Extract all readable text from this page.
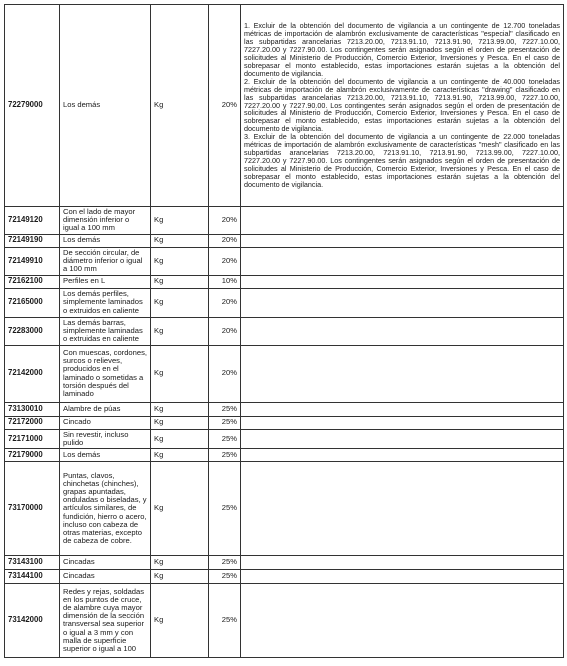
72279000	Los demás	Kg	20%	1. Excluir de la obtención del documento de vigilancia a un contingente de 12.700 toneladas métricas de importación de alambrón exclusivamente de características "especial" clasificado en las subpartidas arancelarias 7213.20.00, 7213.91.10, 7213.91.90, 7213.99.00, 7227.10.00, 7227.20.00 y 7227.90.00. Los contingentes serán asignados según el orden de presentación de solicitudes al Ministerio de Producción, Comercio Exterior, Inversiones y Pesca. En el caso de sobrepasar el monto establecido, estas importaciones estarán sujetas a la obtención del documento de vigilancia.

2. Excluir de la obtención del documento de vigilancia a un contingente de 40.000 toneladas métricas de importación de alambrón exclusivamente de características "drawing" clasificado en las subpartidas arancelarias 7213.20.00, 7213.91.10, 7213.91.90, 7213.99.00, 7227.10.00, 7227.20.00 y 7227.90.00. Los contingentes serán asignados según el orden de presentación de solicitudes al Ministerio de Producción, Comercio Exterior, Inversiones y Pesca. En el caso de sobrepasar el monto establecido, estas importaciones estarán sujetas a la obtención del documento de vigilancia.

3. Excluir de la obtención del documento de vigilancia a un contingente de 22.000 toneladas métricas de importación de alambrón exclusivamente de características "mesh" clasificado en las subpartidas arancelarias 7213.20.00, 7213.91.10, 7213.91.90, 7213.99.00, 7227.10.00, 7227.20.00 y 7227.90.00. Los contingentes serán asignados según el orden de presentación de solicitudes al Ministerio de Producción, Comercio Exterior, Inversiones y Pesca. En el caso de sobrepasar el monto establecido, estas importaciones estarán sujetas a la obtención del documento de vigilancia.

72149120	Con el lado de mayor dimensión inferior o igual a 100 mm	Kg	20%	
72149190	Los demás	Kg	20%	
72149910	De sección circular, de diámetro inferior o igual a 100 mm	Kg	20%	
72162100	Perfiles en L	Kg	10%	
72165000	Los demás perfiles, simplemente laminados o extruidos en caliente	Kg	20%	
72283000	Las demás barras, simplemente laminadas o extruidas en caliente	Kg	20%	
72142000	Con muescas, cordones, surcos o relieves, producidos en el laminado o sometidas a torsión después del laminado	Kg	20%	
73130010	Alambre de púas	Kg	25%	
72172000	Cincado	Kg	25%	
72171000	Sin revestir, incluso pulido	Kg	25%	
72179000	Los demás	Kg	25%	
73170000	Puntas, clavos, chinchetas (chinches), grapas apuntadas, onduladas o biseladas, y artículos similares, de fundición, hierro o acero, incluso con cabeza de otras materias, excepto de cabeza de cobre.	Kg	25%	
73143100	Cincadas	Kg	25%	
73144100	Cincadas	Kg	25%	
73142000	Redes y rejas, soldadas en los puntos de cruce, de alambre cuya mayor dimensión de la sección transversal sea superior o igual a 3 mm y con malla de superficie superior o igual a 100	Kg	25%	
